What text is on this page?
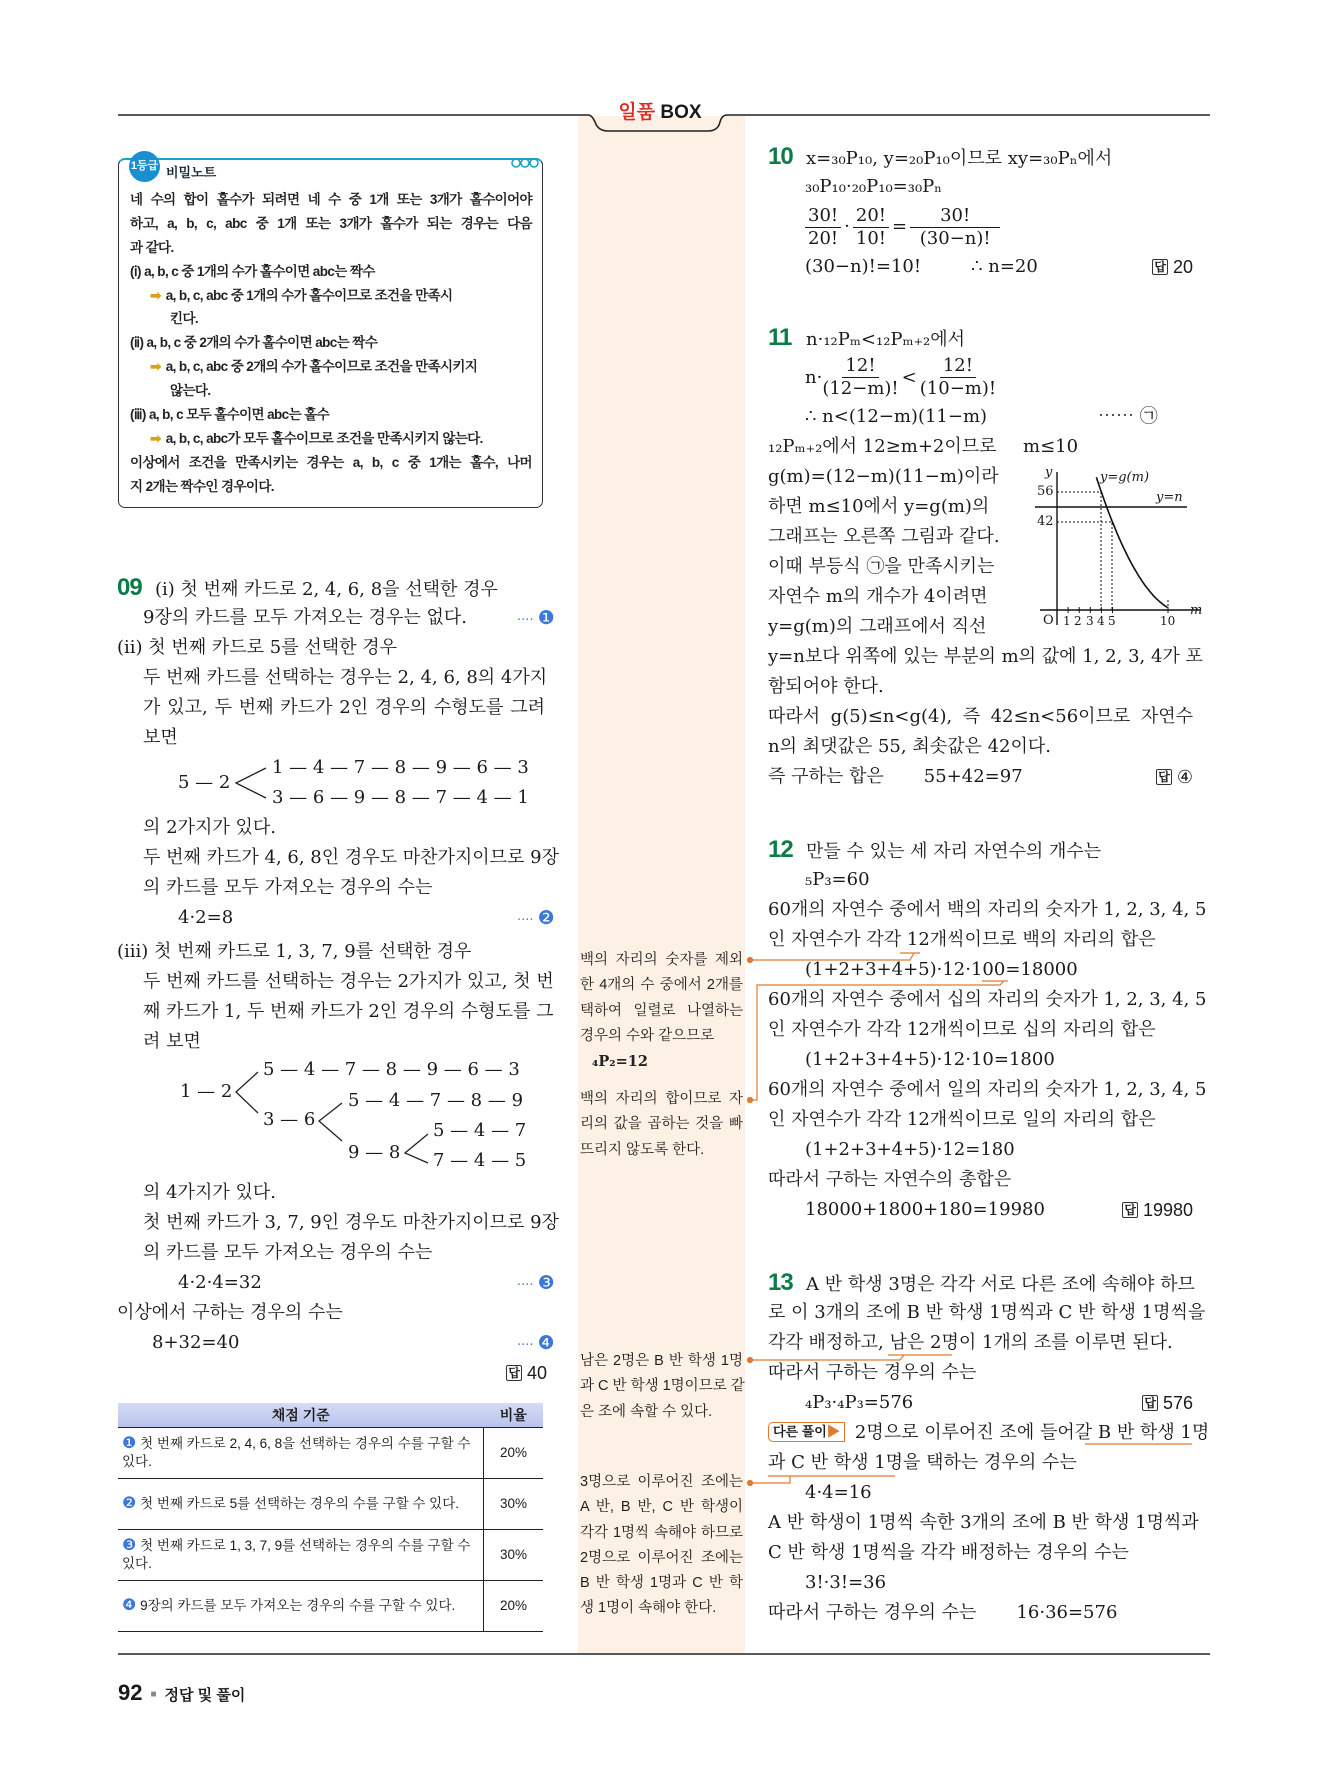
일품 BOX
1등급 비밀노트
네 수의 합이 홀수가 되려면 네 수 중 1개 또는 3개가 홀수이어야
하고, a, b, c, abc 중 1개 또는 3개가 홀수가 되는 경우는 다음
과 같다.
(ⅰ) a, b, c 중 1개의 수가 홀수이면 abc는 짝수
➡ a, b, c, abc 중 1개의 수가 홀수이므로 조건을 만족시
킨다.
(ⅱ) a, b, c 중 2개의 수가 홀수이면 abc는 짝수
➡ a, b, c, abc 중 2개의 수가 홀수이므로 조건을 만족시키지
않는다.
(ⅲ) a, b, c 모두 홀수이면 abc는 홀수
➡ a, b, c, abc가 모두 홀수이므로 조건을 만족시키지 않는다.
이상에서 조건을 만족시키는 경우는 a, b, c 중 1개는 홀수, 나머
지 2개는 짝수인 경우이다.
09 (ⅰ) 첫 번째 카드로 2, 4, 6, 8을 선택한 경우
9장의 카드를 모두 가져오는 경우는 없다.	···· ❶
(ⅱ) 첫 번째 카드로 5를 선택한 경우
두 번째 카드를 선택하는 경우는 2, 4, 6, 8의 4가지
가 있고, 두 번째 카드가 2인 경우의 수형도를 그려
보면
5 — 2
1 — 4 — 7 — 8 — 9 — 6 — 3
3 — 6 — 9 — 8 — 7 — 4 — 1
의 2가지가 있다.
두 번째 카드가 4, 6, 8인 경우도 마찬가지이므로 9장
의 카드를 모두 가져오는 경우의 수는
4·2=8	···· ❷
(ⅲ) 첫 번째 카드로 1, 3, 7, 9를 선택한 경우
두 번째 카드를 선택하는 경우는 2가지가 있고, 첫 번
째 카드가 1, 두 번째 카드가 2인 경우의 수형도를 그
려 보면
1 — 2
5 — 4 — 7 — 8 — 9 — 6 — 3
3 — 6
5 — 4 — 7 — 8 — 9
9 — 8
5 — 4 — 7
7 — 4 — 5
의 4가지가 있다.
첫 번째 카드가 3, 7, 9인 경우도 마찬가지이므로 9장
의 카드를 모두 가져오는 경우의 수는
4·2·4=32	···· ❸
이상에서 구하는 경우의 수는
8+32=40	···· ❹
답 40
채점 기준	비율
❶ 첫 번째 카드로 2, 4, 6, 8을 선택하는 경우의 수를 구할 수 있다.	20%
❷ 첫 번째 카드로 5를 선택하는 경우의 수를 구할 수 있다.	30%
❸ 첫 번째 카드로 1, 3, 7, 9를 선택하는 경우의 수를 구할 수 있다.	30%
❹ 9장의 카드를 모두 가져오는 경우의 수를 구할 수 있다.	20%
백의 자리의 숫자를 제외
한 4개의 수 중에서 2개를
택하여 일렬로 나열하는
경우의 수와 같으므로
₄P₂=12
백의 자리의 합이므로 자
리의 값을 곱하는 것을 빠
뜨리지 않도록 한다.
남은 2명은 B 반 학생 1명
과 C 반 학생 1명이므로 같
은 조에 속할 수 있다.
3명으로 이루어진 조에는
A 반, B 반, C 반 학생이
각각 1명씩 속해야 하므로
2명으로 이루어진 조에는
B 반 학생 1명과 C 반 학
생 1명이 속해야 한다.
10 x=₃₀P₁₀, y=₂₀P₁₀이므로 xy=₃₀Pₙ에서
₃₀P₁₀·₂₀P₁₀=₃₀Pₙ
$\frac{30!}{20!} \cdot \frac{20!}{10!} = \frac{30!}{(30-n)!}$
(30−n)!=10!	∴ n=20	답 20
11 n·₁₂Pₘ<₁₂Pₘ₊₂에서
$n\cdot \frac{12!}{(12-m)!} < \frac{12!}{(10-m)!}$
∴ n<(12−m)(11−m)	⋯⋯ ㉠
₁₂Pₘ₊₂에서 12≥m+2이므로 m≤10
g(m)=(12−m)(11−m)이라
하면 m≤10에서 y=g(m)의
그래프는 오른쪽 그림과 같다.
이때 부등식 ㉠을 만족시키는
자연수 m의 개수가 4이려면
y=g(m)의 그래프에서 직선
y=n보다 위쪽에 있는 부분의 m의 값에 1, 2, 3, 4가 포
함되어야 한다.
따라서 g(5)≤n<g(4), 즉 42≤n<56이므로 자연수
n의 최댓값은 55, 최솟값은 42이다.
즉 구하는 합은 55+42=97	답 ④
y
m
O
56
42
1 2 3 4 5	10
y=g(m)
y=n
12 만들 수 있는 세 자리 자연수의 개수는
₅P₃=60
60개의 자연수 중에서 백의 자리의 숫자가 1, 2, 3, 4, 5
인 자연수가 각각 12개씩이므로 백의 자리의 합은
(1+2+3+4+5)·12·100=18000
60개의 자연수 중에서 십의 자리의 숫자가 1, 2, 3, 4, 5
인 자연수가 각각 12개씩이므로 십의 자리의 합은
(1+2+3+4+5)·12·10=1800
60개의 자연수 중에서 일의 자리의 숫자가 1, 2, 3, 4, 5
인 자연수가 각각 12개씩이므로 일의 자리의 합은
(1+2+3+4+5)·12=180
따라서 구하는 자연수의 총합은
18000+1800+180=19980	답 19980
13 A 반 학생 3명은 각각 서로 다른 조에 속해야 하므
로 이 3개의 조에 B 반 학생 1명씩과 C 반 학생 1명씩을
각각 배정하고, 남은 2명이 1개의 조를 이루면 된다.
따라서 구하는 경우의 수는
₄P₃·₄P₃=576	답 576
다른 풀이▶ 2명으로 이루어진 조에 들어갈 B 반 학생 1명
과 C 반 학생 1명을 택하는 경우의 수는
4·4=16
A 반 학생이 1명씩 속한 3개의 조에 B 반 학생 1명씩과
C 반 학생 1명씩을 각각 배정하는 경우의 수는
3!·3!=36
따라서 구하는 경우의 수는 16·36=576
92 ■ 정답 및 풀이
